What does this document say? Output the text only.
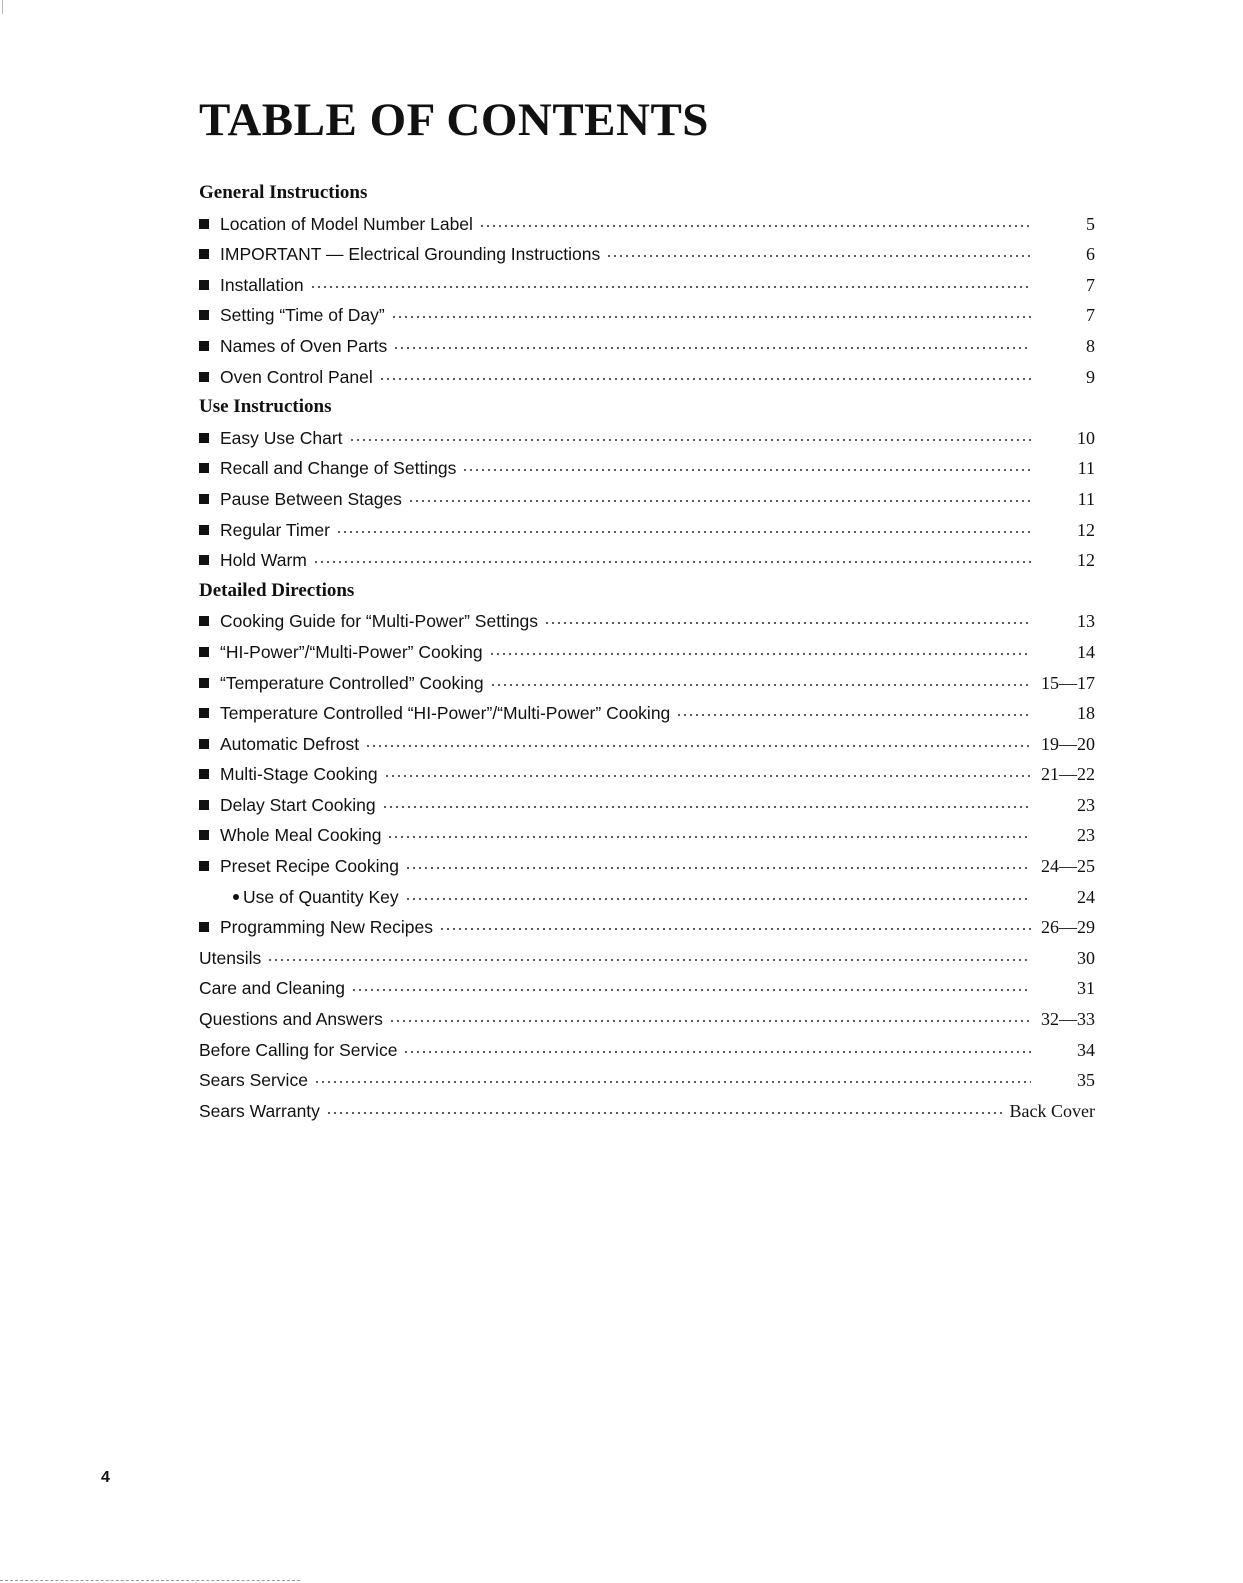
TABLE OF CONTENTS
General Instructions
Location of Model Number Label	5
IMPORTANT — Electrical Grounding Instructions	6
Installation	7
Setting “Time of Day”	7
Names of Oven Parts	8
Oven Control Panel	9
Use Instructions
Easy Use Chart	10
Recall and Change of Settings	11
Pause Between Stages	11
Regular Timer	12
Hold Warm	12
Detailed Directions
Cooking Guide for “Multi-Power” Settings	13
“HI-Power”/“Multi-Power” Cooking	14
“Temperature Controlled” Cooking	15—17
Temperature Controlled “HI-Power”/“Multi-Power” Cooking	18
Automatic Defrost	19—20
Multi-Stage Cooking	21—22
Delay Start Cooking	23
Whole Meal Cooking	23
Preset Recipe Cooking	24—25
Use of Quantity Key	24
Programming New Recipes	26—29
Utensils	30
Care and Cleaning	31
Questions and Answers	32—33
Before Calling for Service	34
Sears Service	35
Sears Warranty	Back Cover
4
